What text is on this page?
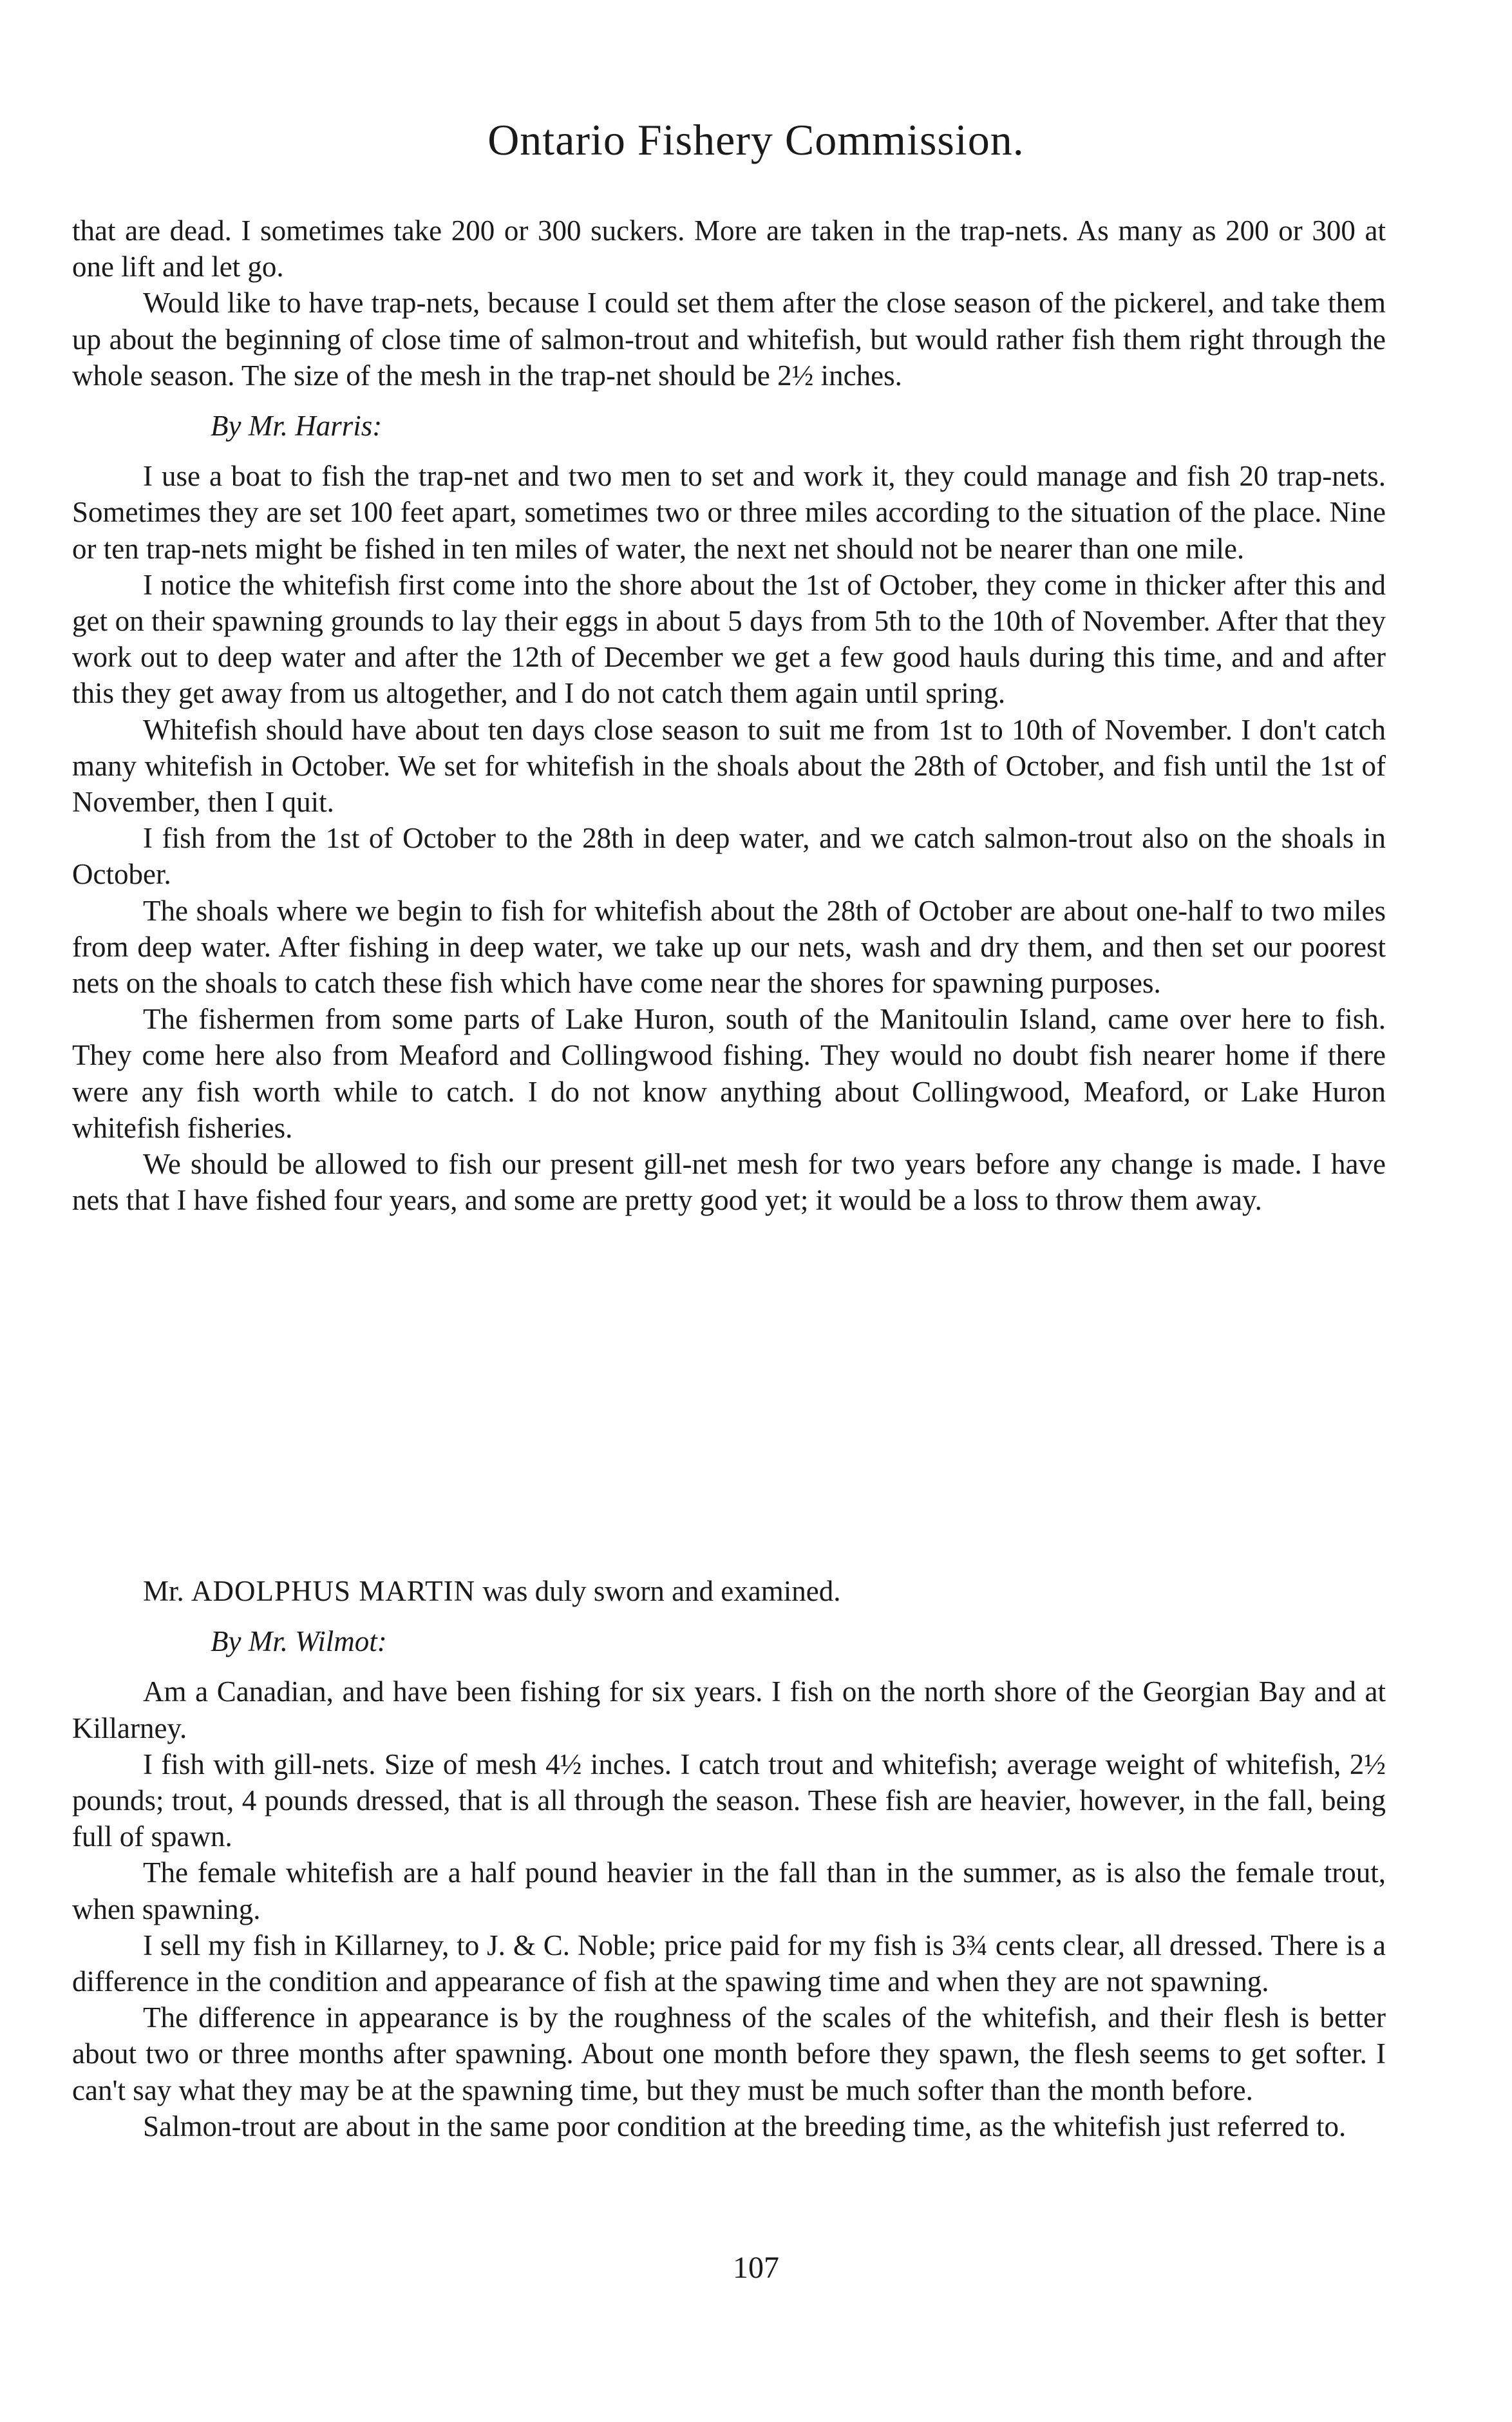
Ontario Fishery Commission.

that are dead. I sometimes take 200 or 300 suckers. More are taken in the trap-nets. As many as 200 or 300 at one lift and let go.

Would like to have trap-nets, because I could set them after the close season of the pickerel, and take them up about the beginning of close time of salmon-trout and whitefish, but would rather fish them right through the whole season. The size of the mesh in the trap-net should be 2½ inches.

By Mr. Harris:

I use a boat to fish the trap-net and two men to set and work it, they could manage and fish 20 trap-nets. Sometimes they are set 100 feet apart, sometimes two or three miles according to the situation of the place. Nine or ten trap-nets might be fished in ten miles of water, the next net should not be nearer than one mile.

I notice the whitefish first come into the shore about the 1st of October, they come in thicker after this and get on their spawning grounds to lay their eggs in about 5 days from 5th to the 10th of November. After that they work out to deep water and after the 12th of December we get a few good hauls during this time, and and after this they get away from us altogether, and I do not catch them again until spring.

Whitefish should have about ten days close season to suit me from 1st to 10th of November. I don't catch many whitefish in October. We set for whitefish in the shoals about the 28th of October, and fish until the 1st of November, then I quit.

I fish from the 1st of October to the 28th in deep water, and we catch salmon-trout also on the shoals in October.

The shoals where we begin to fish for whitefish about the 28th of October are about one-half to two miles from deep water. After fishing in deep water, we take up our nets, wash and dry them, and then set our poorest nets on the shoals to catch these fish which have come near the shores for spawning purposes.

The fishermen from some parts of Lake Huron, south of the Manitoulin Island, came over here to fish. They come here also from Meaford and Collingwood fishing. They would no doubt fish nearer home if there were any fish worth while to catch. I do not know anything about Collingwood, Meaford, or Lake Huron whitefish fisheries.

We should be allowed to fish our present gill-net mesh for two years before any change is made. I have nets that I have fished four years, and some are pretty good yet; it would be a loss to throw them away.

Mr. ADOLPHUS MARTIN was duly sworn and examined.

By Mr. Wilmot:

Am a Canadian, and have been fishing for six years. I fish on the north shore of the Georgian Bay and at Killarney.

I fish with gill-nets. Size of mesh 4½ inches. I catch trout and whitefish; average weight of whitefish, 2½ pounds; trout, 4 pounds dressed, that is all through the season. These fish are heavier, however, in the fall, being full of spawn.

The female whitefish are a half pound heavier in the fall than in the summer, as is also the female trout, when spawning.

I sell my fish in Killarney, to J. & C. Noble; price paid for my fish is 3¾ cents clear, all dressed. There is a difference in the condition and appearance of fish at the spawing time and when they are not spawning.

The difference in appearance is by the roughness of the scales of the whitefish, and their flesh is better about two or three months after spawning. About one month before they spawn, the flesh seems to get softer. I can't say what they may be at the spawning time, but they must be much softer than the month before.

Salmon-trout are about in the same poor condition at the breeding time, as the whitefish just referred to.

107
